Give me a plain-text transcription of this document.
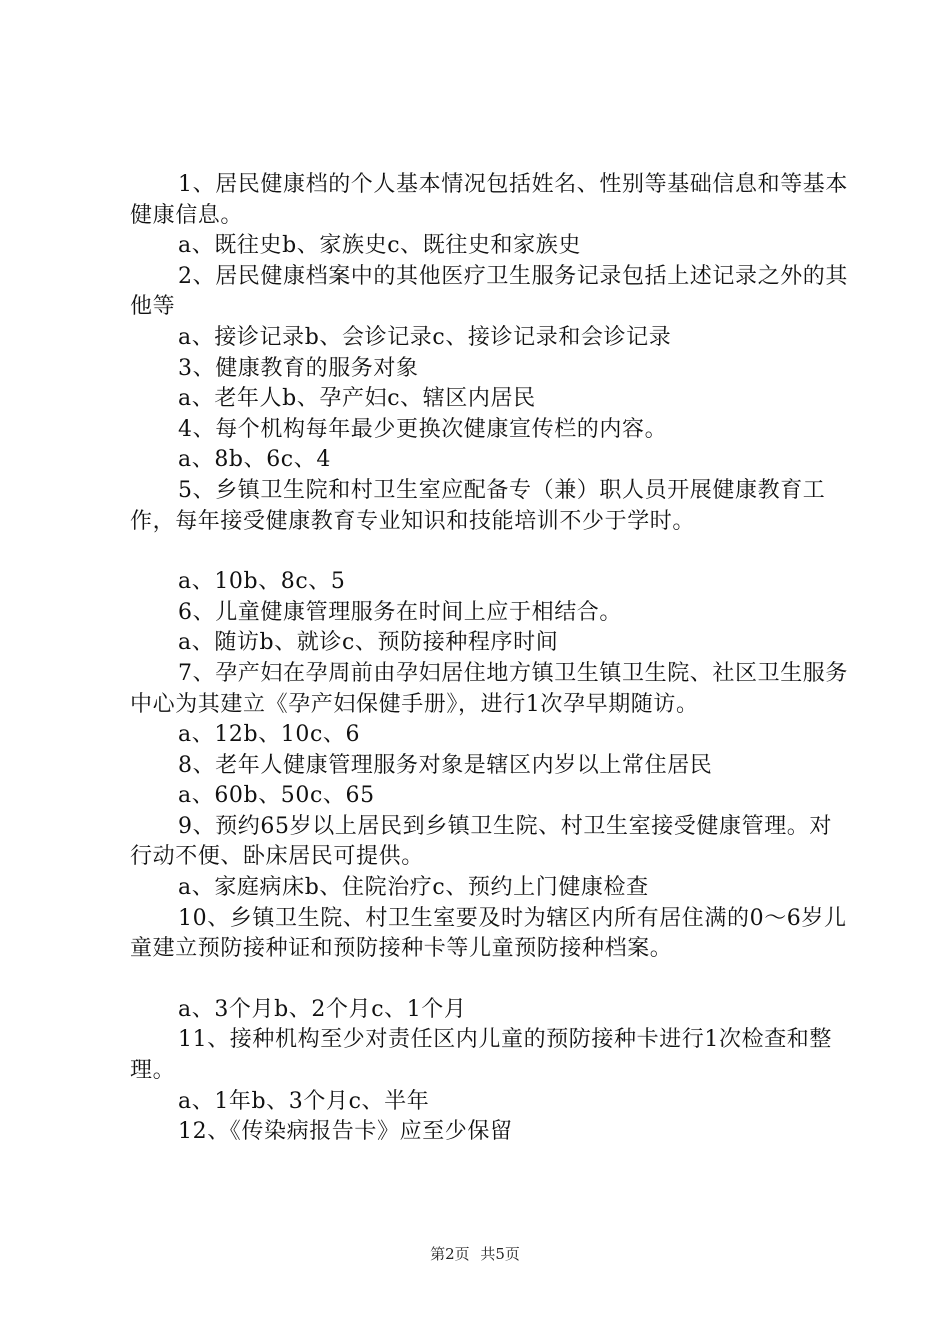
1、居民健康档的个人基本情况包括姓名、性别等基础信息和等基本健康信息。

a、既往史b、家族史c、既往史和家族史

2、居民健康档案中的其他医疗卫生服务记录包括上述记录之外的其他等

a、接诊记录b、会诊记录c、接诊记录和会诊记录

3、健康教育的服务对象

a、老年人b、孕产妇c、辖区内居民

4、每个机构每年最少更换次健康宣传栏的内容。

a、8b、6c、4

5、乡镇卫生院和村卫生室应配备专（兼）职人员开展健康教育工作，每年接受健康教育专业知识和技能培训不少于学时。

a、10b、8c、5

6、儿童健康管理服务在时间上应于相结合。

a、随访b、就诊c、预防接种程序时间

7、孕产妇在孕周前由孕妇居住地方镇卫生镇卫生院、社区卫生服务中心为其建立《孕产妇保健手册》，进行1次孕早期随访。

a、12b、10c、6

8、老年人健康管理服务对象是辖区内岁以上常住居民

a、60b、50c、65

9、预约65岁以上居民到乡镇卫生院、村卫生室接受健康管理。对行动不便、卧床居民可提供。

a、家庭病床b、住院治疗c、预约上门健康检查

10、乡镇卫生院、村卫生室要及时为辖区内所有居住满的0～6岁儿童建立预防接种证和预防接种卡等儿童预防接种档案。

a、3个月b、2个月c、1个月

11、接种机构至少对责任区内儿童的预防接种卡进行1次检查和整理。

a、1年b、3个月c、半年

12、《传染病报告卡》应至少保留

第2页 共5页
